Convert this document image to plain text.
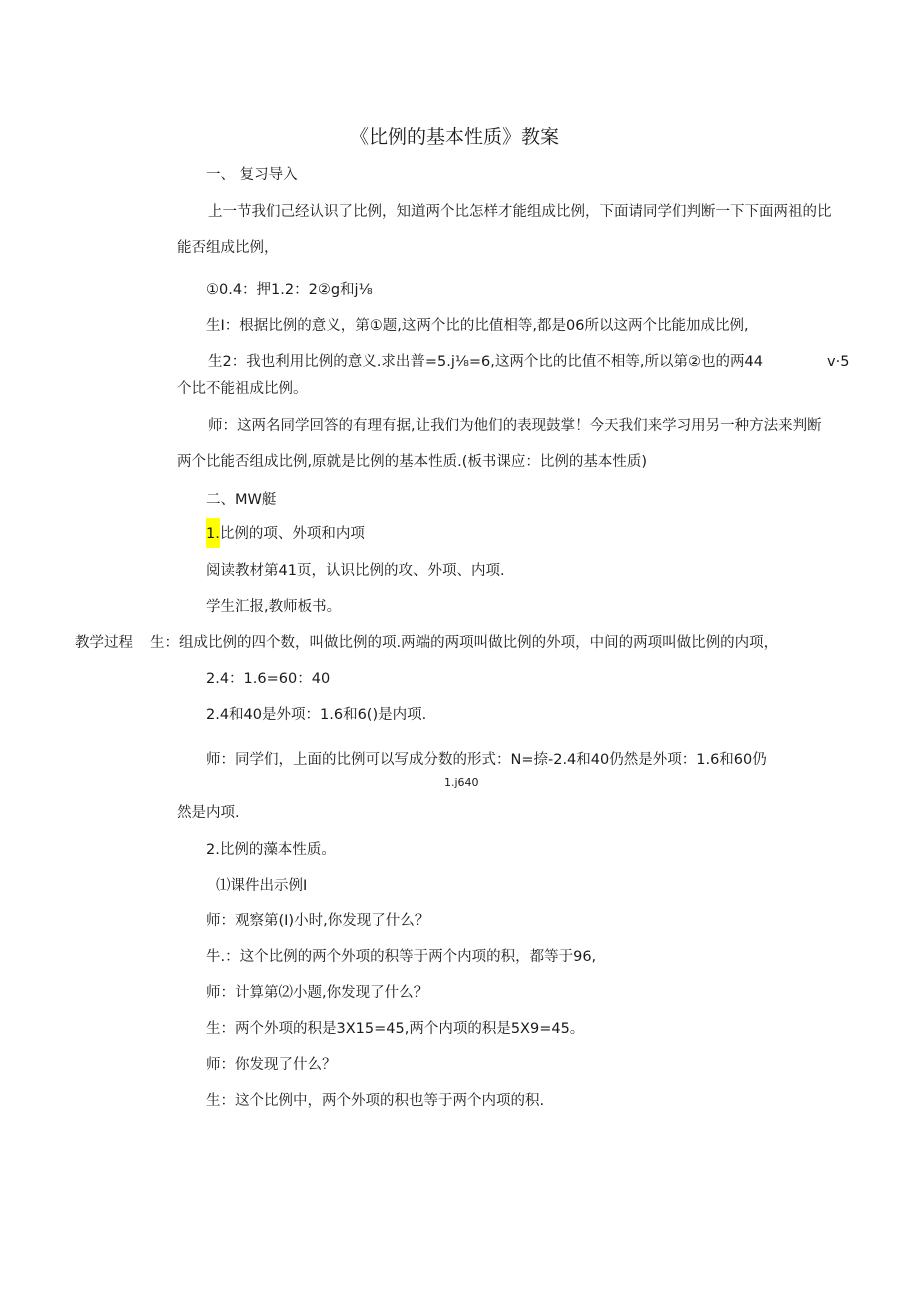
《比例的基本性质》教案
一、 复习导入
上一节我们己经认识了比例，知道两个比怎样才能组成比例，下面请同学们判断一下下面两祖的比
能否组成比例，
①0.4：押1.2：2②g和j⅛
生I：根据比例的意义，第①题,这两个比的比值相等,都是06所以这两个比能加成比例,
生2：我也利用比例的意义.求出普=5.j⅛=6,这两个比的比值不相等,所以第②也的两44	v·5
个比不能祖成比例。
师：这两名同学回答的有理有据,让我们为他们的表现鼓掌！今天我们来学习用另一种方法来判断
两个比能否组成比例,原就是比例的基本性质.(板书课应：比例的基本性质)
二、MW艇
1.比例的项、外项和内项
阅读教材第41页，认识比例的攻、外项、内项.
学生汇报,教师板书。
教学过程 生：组成比例的四个数，叫做比例的项.两端的两项叫做比例的外项，中间的两项叫做比例的内项，
2.4：1.6=60：40
2.4和40是外项：1.6和6()是内项.
师：同学们，上面的比例可以写成分数的形式：N=捺-2.4和40仍然是外项：1.6和60仍
1.j640
然是内项.
2.比例的藻本性质。
⑴课件出示例I
师：观察第(I)小时,你发现了什么？
牛.：这个比例的两个外项的积等于两个内项的积，都等于96,
师：计算第⑵小题,你发现了什么？
生：两个外项的积是3X15=45,两个内项的积是5X9=45。
师：你发现了什么？
生：这个比例中，两个外项的积也等于两个内项的积.
